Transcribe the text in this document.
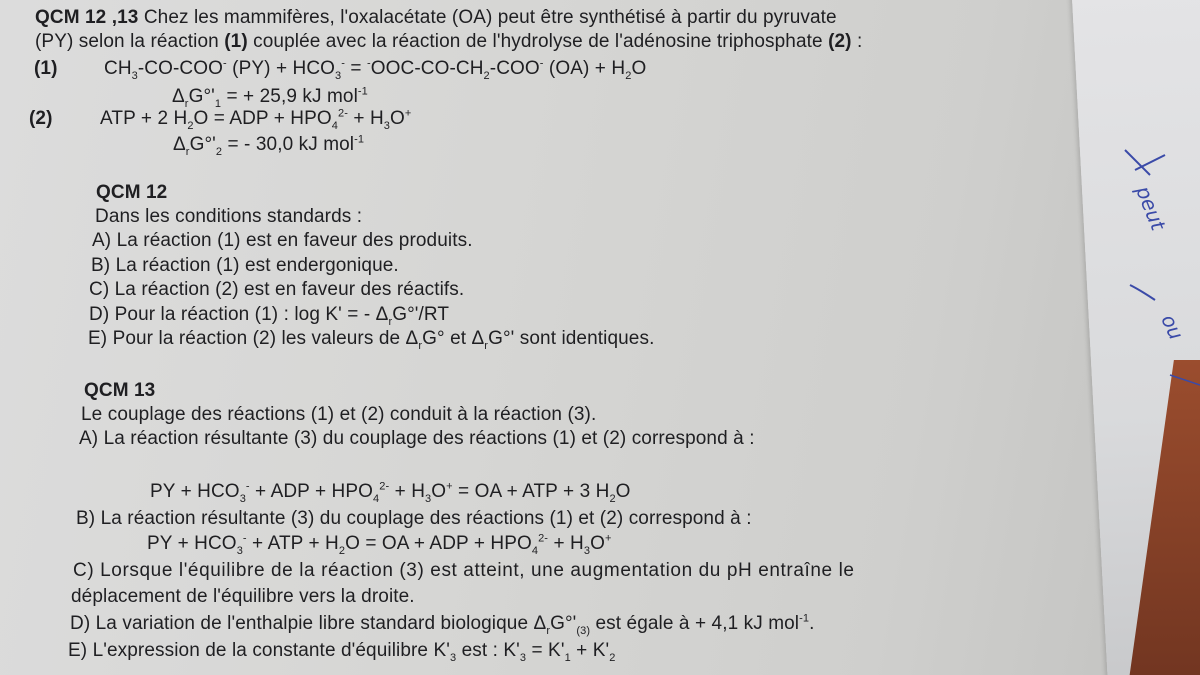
peut
ou
QCM 12 ,13 Chez les mammifères, l'oxalacétate (OA) peut être synthétisé à partir du pyruvate
(PY) selon la réaction (1) couplée avec la réaction de l'hydrolyse de l'adénosine triphosphate (2) :
(1) $CH_3-CO-COO^-$ $(PY) + HCO_3^- = ^-OOC-CO-CH_2-COO^-$ $(OA) + H_2O$
$\Delta_rG^\circ'_1$ = + 25,9 kJ mol$^{-1}$
(2) ATP + 2 $H_2O$ = ADP + $HPO_4^{2-} + H_3O^+$
$\Delta_rG^\circ'_2$ = - 30,0 kJ mol$^{-1}$
QCM 12
Dans les conditions standards :
A) La réaction (1) est en faveur des produits.
B) La réaction (1) est endergonique.
C) La réaction (2) est en faveur des réactifs.
D) Pour la réaction (1) : log K' = - $\Delta_rG^\circ'/RT$
E) Pour la réaction (2) les valeurs de $\Delta_rG^\circ$ et $\Delta_rG^\circ'$ sont identiques.
QCM 13
Le couplage des réactions (1) et (2) conduit à la réaction (3).
A) La réaction résultante (3) du couplage des réactions (1) et (2) correspond à :
PY + $HCO_3^-$ + ADP + $HPO_4^{2-} + H_3O^+$ = OA + ATP + 3 $H_2O$
B) La réaction résultante (3) du couplage des réactions (1) et (2) correspond à :
PY + $HCO_3^-$ + ATP + $H_2O$ = OA + ADP + $HPO_4^{2-} + H_3O^+$
C) Lorsque l'équilibre de la réaction (3) est atteint, une augmentation du pH entraîne le
déplacement de l'équilibre vers la droite.
D) La variation de l'enthalpie libre standard biologique $\Delta_rG^\circ'_{(3)}$ est égale à + 4,1 kJ mol$^{-1}$.
E) L'expression de la constante d'équilibre $K'_3$ est : $K'_3 = K'_1 + K'_2$
